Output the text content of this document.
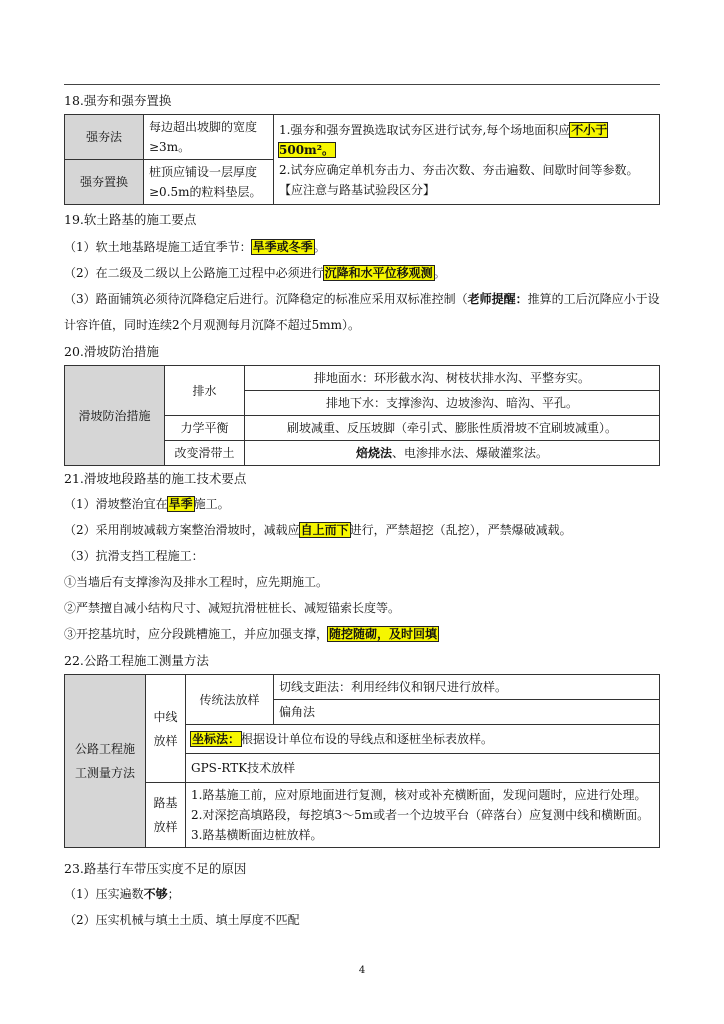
18.强夯和强夯置换

强夯法	每边超出坡脚的宽度≥3m。	1.强夯和强夯置换选取试夯区进行试夯,每个场地面积应不小于500m²。
2.试夯应确定单机夯击力、夯击次数、夯击遍数、间歇时间等参数。
【应注意与路基试验段区分】

强夯置换	桩顶应铺设一层厚度≥0.5m的粒料垫层。	

19.软土路基的施工要点

（1）软土地基路堤施工适宜季节：旱季或冬季。
（2）在二级及二级以上公路施工过程中必须进行沉降和水平位移观测。
（3）路面铺筑必须待沉降稳定后进行。沉降稳定的标准应采用双标准控制（老师提醒：推算的工后沉降应小于设计容许值，同时连续2个月观测每月沉降不超过5mm）。

20.滑坡防治措施

滑坡防治措施	排水	排地面水：环形截水沟、树枝状排水沟、平整夯实。
		排地下水：支撑渗沟、边坡渗沟、暗沟、平孔。
	力学平衡	刷坡减重、反压坡脚（牵引式、膨胀性质滑坡不宜刷坡减重）。
	改变滑带土	焙烧法、电渗排水法、爆破灌浆法。

21.滑坡地段路基的施工技术要点

（1）滑坡整治宜在旱季施工。
（2）采用削坡减载方案整治滑坡时，减载应自上而下进行，严禁超挖（乱挖），严禁爆破减载。
（3）抗滑支挡工程施工：
①当墙后有支撑渗沟及排水工程时，应先期施工。
②严禁擅自减小结构尺寸、减短抗滑桩桩长、减短锚索长度等。
③开挖基坑时，应分段跳槽施工，并应加强支撑，随挖随砌，及时回填

22.公路工程施工测量方法

公路工程施工测量方法	中线放样	传统法放样	切线支距法：利用经纬仪和钢尺进行放样。
			偏角法
		坐标法：根据设计单位布设的导线点和逐桩坐标表放样。	
		GPS-RTK技术放样	
	路基放样	1.路基施工前，应对原地面进行复测，核对或补充横断面，发现问题时，应进行处理。
2.对深挖高填路段，每挖填3～5m或者一个边坡平台（碎落台）应复测中线和横断面。
3.路基横断面边桩放样。	

23.路基行车带压实度不足的原因

（1）压实遍数不够；
（2）压实机械与填土土质、填土厚度不匹配
4
